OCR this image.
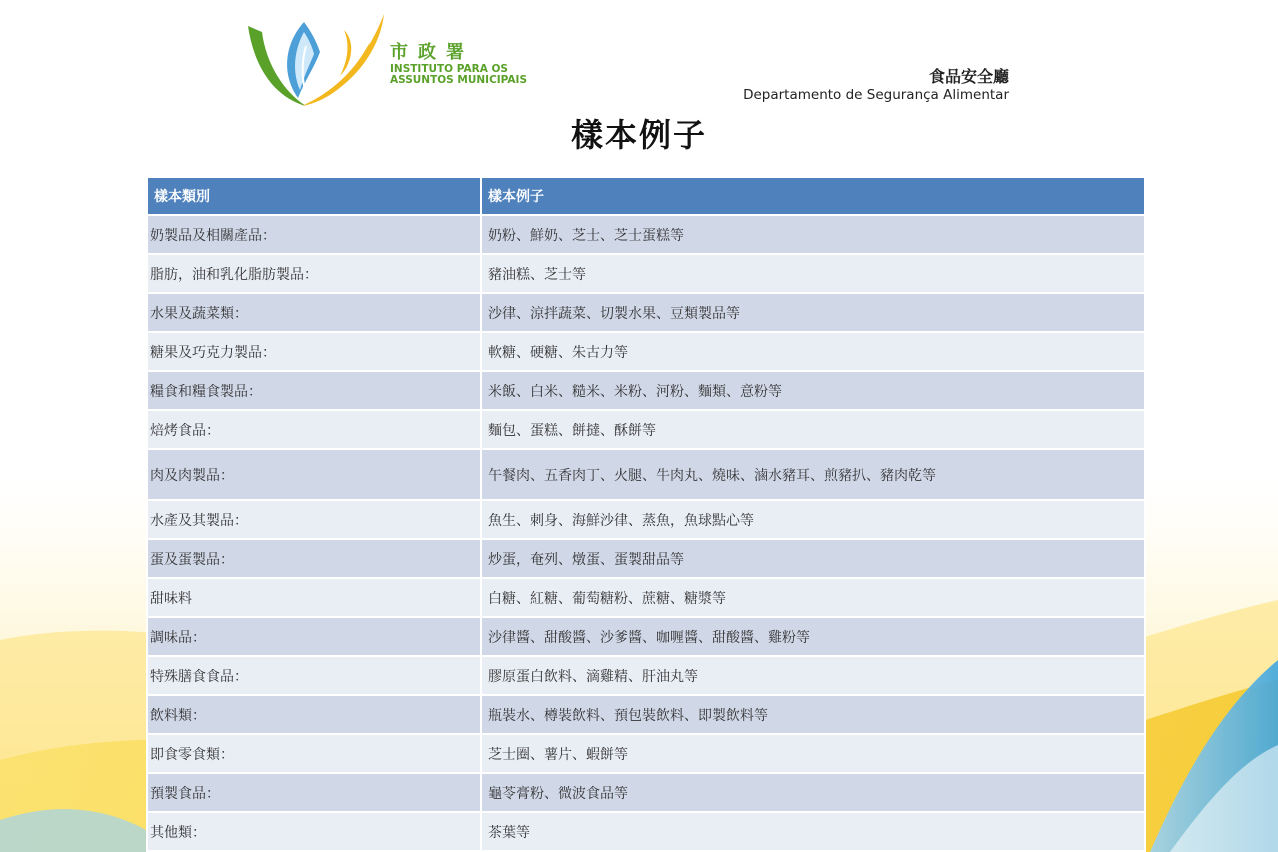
市政署
INSTITUTO PARA OS
ASSUNTOS MUNICIPAIS	食品安全廳
Departamento de Segurança Alimentar
樣本例子
樣本類別	樣本例子
奶製品及相關產品：	奶粉、鮮奶、芝士、芝士蛋糕等
脂肪，油和乳化脂肪製品：	豬油糕、芝士等
水果及蔬菜類：	沙律、涼拌蔬菜、切製水果、豆類製品等
糖果及巧克力製品：	軟糖、硬糖、朱古力等
糧食和糧食製品：	米飯、白米、糙米、米粉、河粉、麵類、意粉等
焙烤食品：	麵包、蛋糕、餅撻、酥餅等
肉及肉製品：	午餐肉、五香肉丁、火腿、牛肉丸、燒味、滷水豬耳、煎豬扒、豬肉乾等
水產及其製品：	魚生、刺身、海鮮沙律、蒸魚，魚球點心等
蛋及蛋製品：	炒蛋，奄列、燉蛋、蛋製甜品等
甜味料	白糖、紅糖、葡萄糖粉、蔗糖、糖漿等
調味品：	沙律醬、甜酸醬、沙爹醬、咖喱醬、甜酸醬、雞粉等
特殊膳食食品：	膠原蛋白飲料、滴雞精、肝油丸等
飲料類：	瓶裝水、樽裝飲料、預包裝飲料、即製飲料等
即食零食類：	芝士圈、薯片、蝦餅等
預製食品：	龜苓膏粉、微波食品等
其他類：	茶葉等
